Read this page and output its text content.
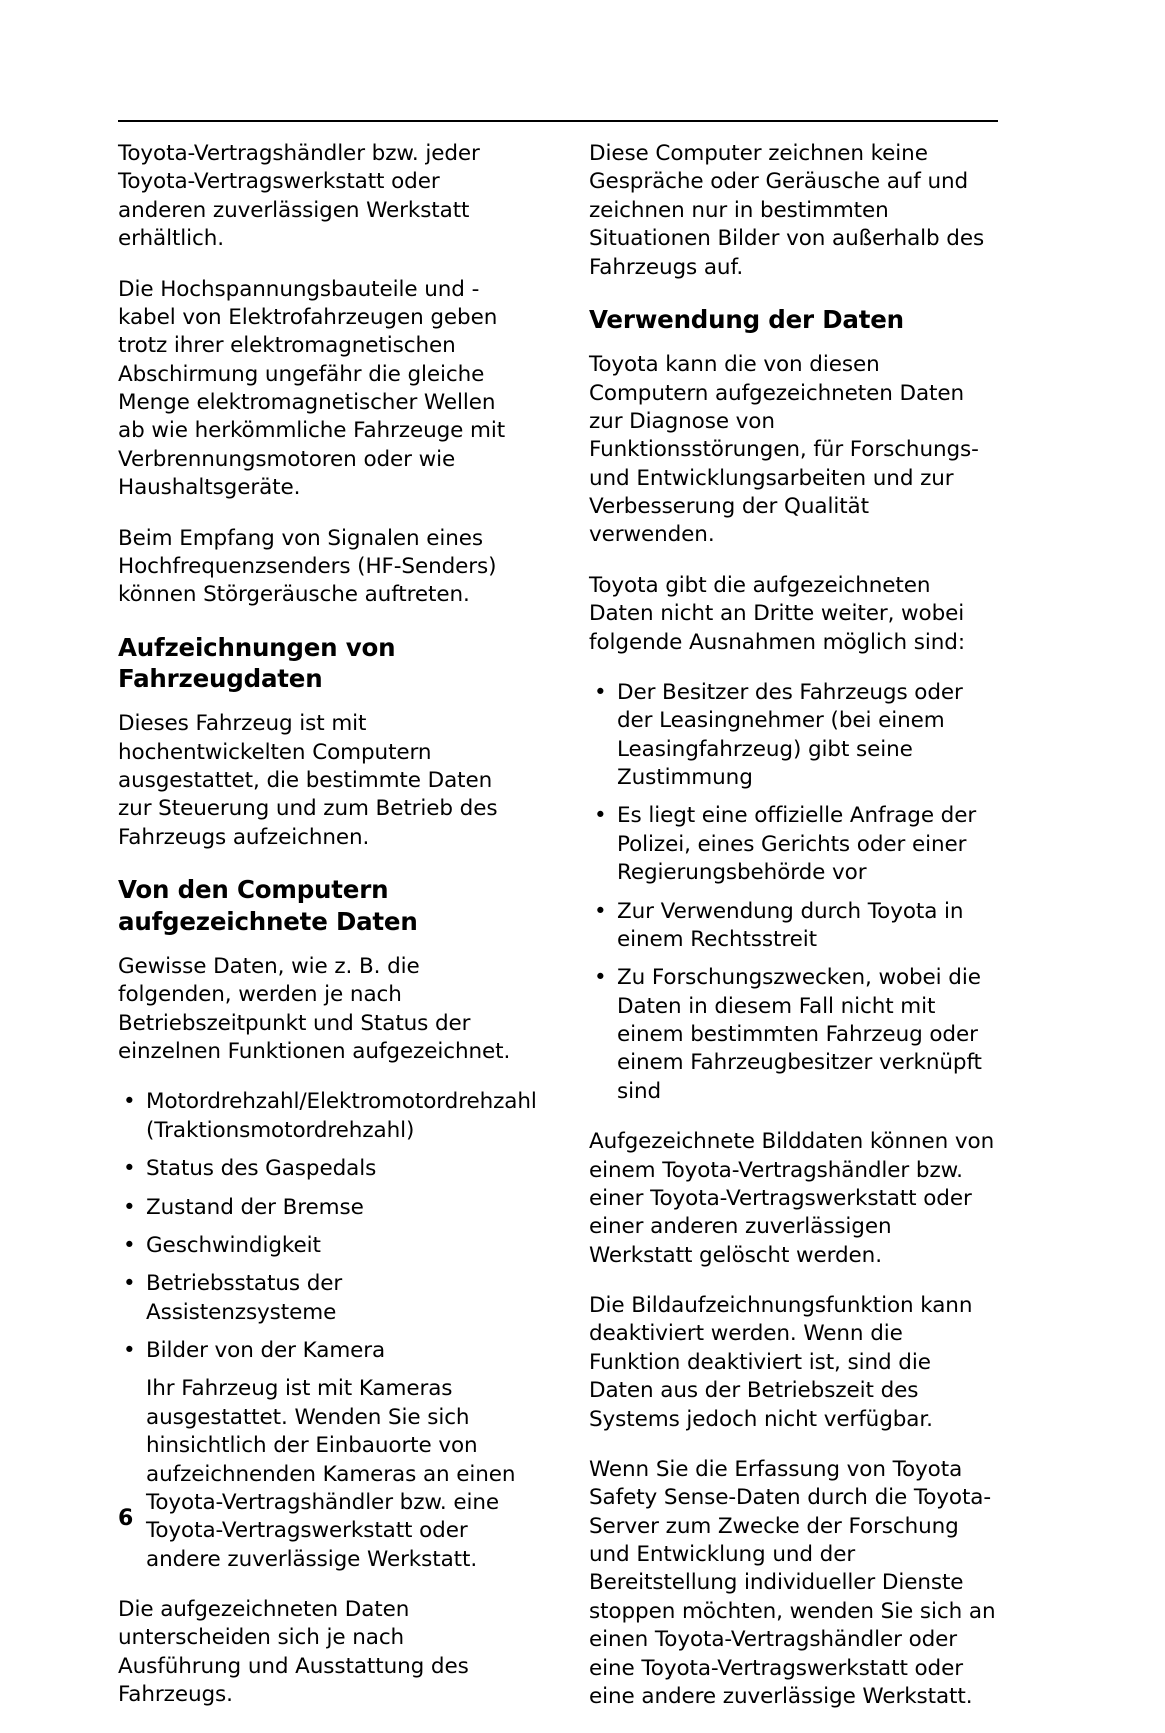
Toyota-Vertragshändler bzw. jeder Toyota-Vertragswerkstatt oder anderen zuverlässigen Werkstatt erhältlich.

Die Hochspannungsbauteile und -kabel von Elektrofahrzeugen geben trotz ihrer elektromagnetischen Abschirmung ungefähr die gleiche Menge elektromagnetischer Wellen ab wie herkömmliche Fahrzeuge mit Verbrennungsmotoren oder wie Haushaltsgeräte.

Beim Empfang von Signalen eines Hochfrequenzsenders (HF-Senders) können Störgeräusche auftreten.

Aufzeichnungen von Fahrzeugdaten

Dieses Fahrzeug ist mit hochentwickelten Computern ausgestattet, die bestimmte Daten zur Steuerung und zum Betrieb des Fahrzeugs aufzeichnen.

Von den Computern aufgezeichnete Daten

Gewisse Daten, wie z. B. die folgenden, werden je nach Betriebszeitpunkt und Status der einzelnen Funktionen aufgezeichnet.

• Motordrehzahl/Elektromotordrehzahl (Traktionsmotordrehzahl)
• Status des Gaspedals
• Zustand der Bremse
• Geschwindigkeit
• Betriebsstatus der Assistenzsysteme
• Bilder von der Kamera

Ihr Fahrzeug ist mit Kameras ausgestattet. Wenden Sie sich hinsichtlich der Einbauorte von aufzeichnenden Kameras an einen Toyota-Vertragshändler bzw. eine Toyota-Vertragswerkstatt oder andere zuverlässige Werkstatt.

Die aufgezeichneten Daten unterscheiden sich je nach Ausführung und Ausstattung des Fahrzeugs.

Diese Computer zeichnen keine Gespräche oder Geräusche auf und zeichnen nur in bestimmten Situationen Bilder von außerhalb des Fahrzeugs auf.

Verwendung der Daten

Toyota kann die von diesen Computern aufgezeichneten Daten zur Diagnose von Funktionsstörungen, für Forschungs- und Entwicklungsarbeiten und zur Verbesserung der Qualität verwenden.

Toyota gibt die aufgezeichneten Daten nicht an Dritte weiter, wobei folgende Ausnahmen möglich sind:

• Der Besitzer des Fahrzeugs oder der Leasingnehmer (bei einem Leasingfahrzeug) gibt seine Zustimmung
• Es liegt eine offizielle Anfrage der Polizei, eines Gerichts oder einer Regierungsbehörde vor
• Zur Verwendung durch Toyota in einem Rechtsstreit
• Zu Forschungszwecken, wobei die Daten in diesem Fall nicht mit einem bestimmten Fahrzeug oder einem Fahrzeugbesitzer verknüpft sind

Aufgezeichnete Bilddaten können von einem Toyota-Vertragshändler bzw. einer Toyota-Vertragswerkstatt oder einer anderen zuverlässigen Werkstatt gelöscht werden.

Die Bildaufzeichnungsfunktion kann deaktiviert werden. Wenn die Funktion deaktiviert ist, sind die Daten aus der Betriebszeit des Systems jedoch nicht verfügbar.

Wenn Sie die Erfassung von Toyota Safety Sense-Daten durch die Toyota-Server zum Zwecke der Forschung und Entwicklung und der Bereitstellung individueller Dienste stoppen möchten, wenden Sie sich an einen Toyota-Vertragshändler oder eine Toyota-Vertragswerkstatt oder eine andere zuverlässige Werkstatt.

6
